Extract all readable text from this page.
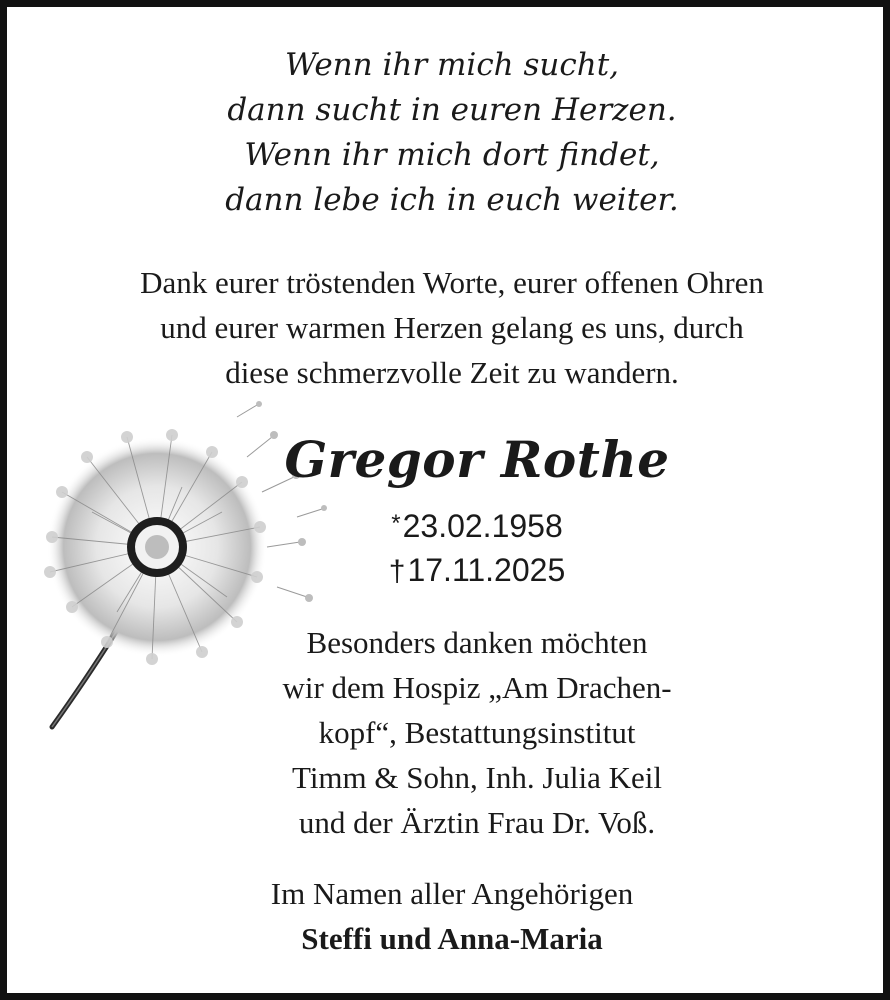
Wenn ihr mich sucht,
dann sucht in euren Herzen.
Wenn ihr mich dort findet,
dann lebe ich in euch weiter.
Dank eurer tröstenden Worte, eurer offenen Ohren
und eurer warmen Herzen gelang es uns, durch
diese schmerzvolle Zeit zu wandern.
Gregor Rothe
*23.02.1958
†17.11.2025
Besonders danken möchten
wir dem Hospiz „Am Drachen-
kopf“, Bestattungsinstitut
Timm & Sohn, Inh. Julia Keil
und der Ärztin Frau Dr. Voß.
Im Namen aller Angehörigen
Steffi und Anna-Maria
